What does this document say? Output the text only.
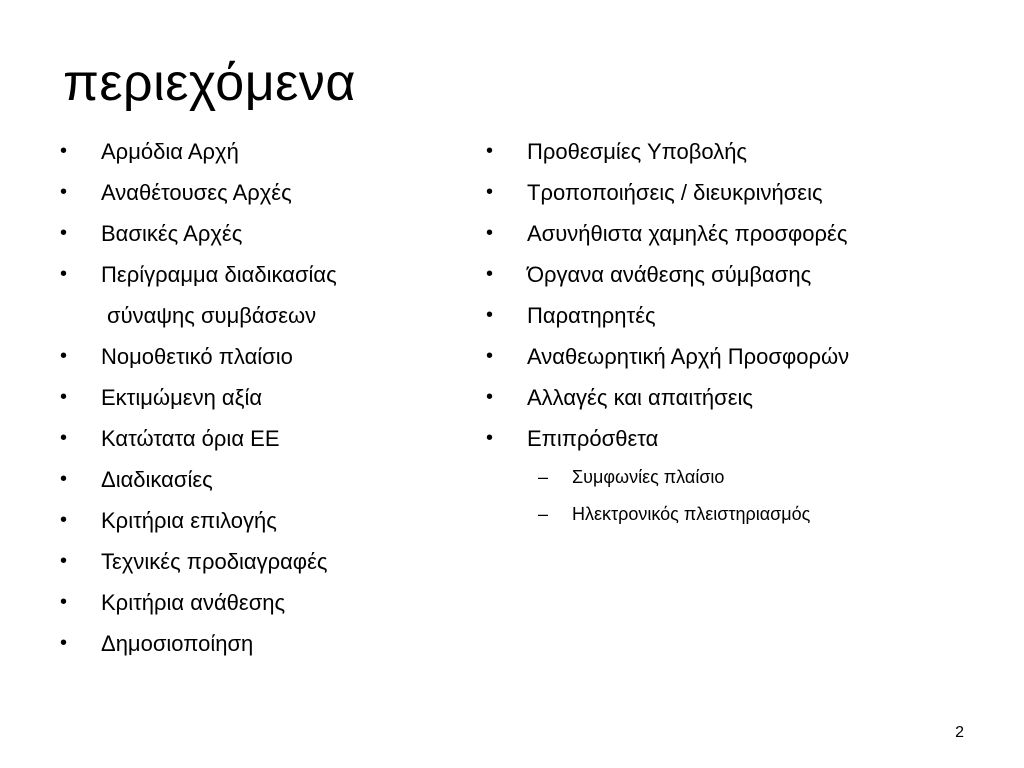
περιεχόμενα
•	Αρμόδια Αρχή
•	Αναθέτουσες Αρχές
•	Βασικές Αρχές
•	Περίγραμμα διαδικασίας
σύναψης συμβάσεων
•	Νομοθετικό πλαίσιο
•	Εκτιμώμενη αξία
•	Κατώτατα όρια ΕΕ
•	Διαδικασίες
•	Κριτήρια επιλογής
•	Τεχνικές προδιαγραφές
•	Κριτήρια ανάθεσης
•	Δημοσιοποίηση
•	Προθεσμίες Υποβολής
•	Τροποποιήσεις / διευκρινήσεις
•	Ασυνήθιστα χαμηλές προσφορές
•	Όργανα ανάθεσης σύμβασης
•	Παρατηρητές
•	Αναθεωρητική Αρχή Προσφορών
•	Αλλαγές και απαιτήσεις
•	Επιπρόσθετα
– Συμφωνίες πλαίσιο
– Ηλεκτρονικός πλειστηριασμός
2
